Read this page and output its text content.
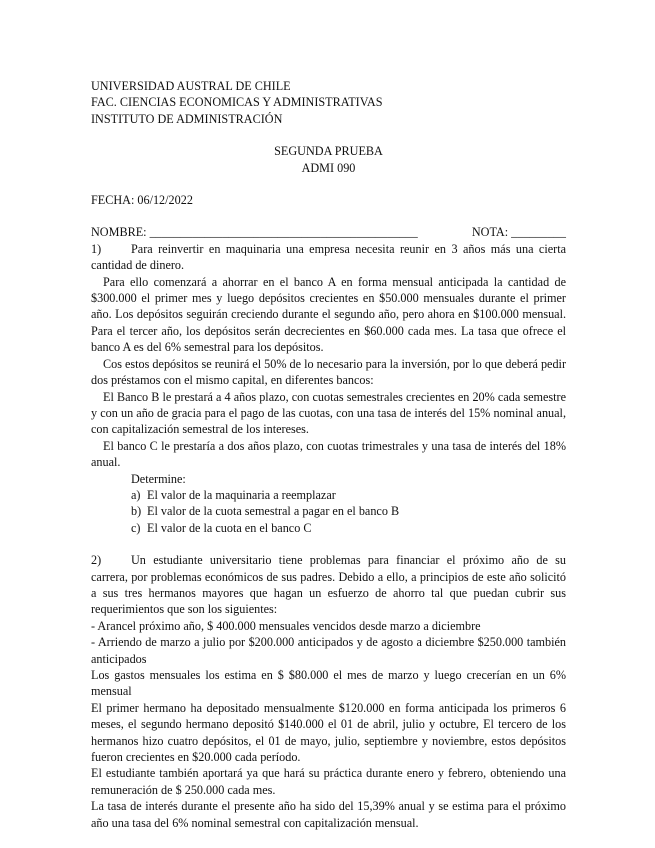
UNIVERSIDAD AUSTRAL DE CHILE
FAC. CIENCIAS ECONOMICAS Y ADMINISTRATIVAS
INSTITUTO DE ADMINISTRACIÓN
SEGUNDA PRUEBA
ADMI 090
FECHA: 06/12/2022
NOMBRE: ____________________________________________	NOTA: _________
1)	Para reinvertir en maquinaria una empresa necesita reunir en 3 años más una cierta
cantidad de dinero.
Para ello comenzará a ahorrar en el banco A en forma mensual anticipada la cantidad de $300.000 el primer mes y luego depósitos crecientes en $50.000 mensuales durante el primer año. Los depósitos seguirán creciendo durante el segundo año, pero ahora en $100.000 mensual. Para el tercer año, los depósitos serán decrecientes en $60.000 cada mes. La tasa que ofrece el banco A es del 6% semestral para los depósitos.
Cos estos depósitos se reunirá el 50% de lo necesario para la inversión, por lo que deberá pedir dos préstamos con el mismo capital, en diferentes bancos:
El Banco B le prestará a 4 años plazo, con cuotas semestrales crecientes en 20% cada semestre y con un año de gracia para el pago de las cuotas, con una tasa de interés del 15% nominal anual, con capitalización semestral de los intereses.
El banco C le prestaría a dos años plazo, con cuotas trimestrales y una tasa de interés del 18% anual.
Determine:
a) El valor de la maquinaria a reemplazar
b) El valor de la cuota semestral a pagar en el banco B
c) El valor de la cuota en el banco C
2)	Un estudiante universitario tiene problemas para financiar el próximo año de su
carrera, por problemas económicos de sus padres. Debido a ello, a principios de este año solicitó a sus tres hermanos mayores que hagan un esfuerzo de ahorro tal que puedan cubrir sus requerimientos que son los siguientes:
- Arancel próximo año, $ 400.000 mensuales vencidos desde marzo a diciembre
- Arriendo de marzo a julio por $200.000 anticipados y de agosto a diciembre $250.000 también anticipados
Los gastos mensuales los estima en $ $80.000 el mes de marzo y luego crecerían en un 6% mensual
El primer hermano ha depositado mensualmente $120.000 en forma anticipada los primeros 6 meses, el segundo hermano depositó $140.000 el 01 de abril, julio y octubre, El tercero de los hermanos hizo cuatro depósitos, el 01 de mayo, julio, septiembre y noviembre, estos depósitos fueron crecientes en $20.000 cada período.
El estudiante también aportará ya que hará su práctica durante enero y febrero, obteniendo una remuneración de $ 250.000 cada mes.
La tasa de interés durante el presente año ha sido del 15,39% anual y se estima para el próximo año una tasa del 6% nominal semestral con capitalización mensual.
